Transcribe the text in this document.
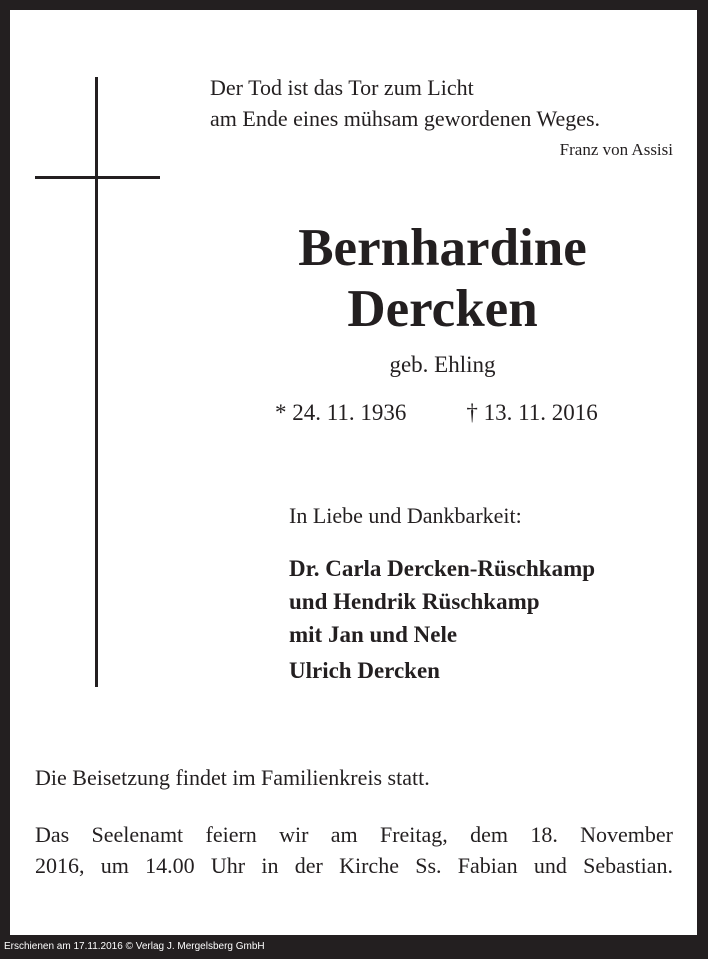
Der Tod ist das Tor zum Licht
am Ende eines mühsam gewordenen Weges.
Franz von Assisi
Bernhardine
Dercken
geb. Ehling
* 24. 11. 1936	† 13. 11. 2016
In Liebe und Dankbarkeit:
Dr. Carla Dercken-Rüschkamp
und Hendrik Rüschkamp
mit Jan und Nele
Ulrich Dercken
Die Beisetzung findet im Familienkreis statt.
Das Seelenamt feiern wir am Freitag, dem 18. November
2016, um 14.00 Uhr in der Kirche Ss. Fabian und Sebastian.
Erschienen am 17.11.2016 © Verlag J. Mergelsberg GmbH
